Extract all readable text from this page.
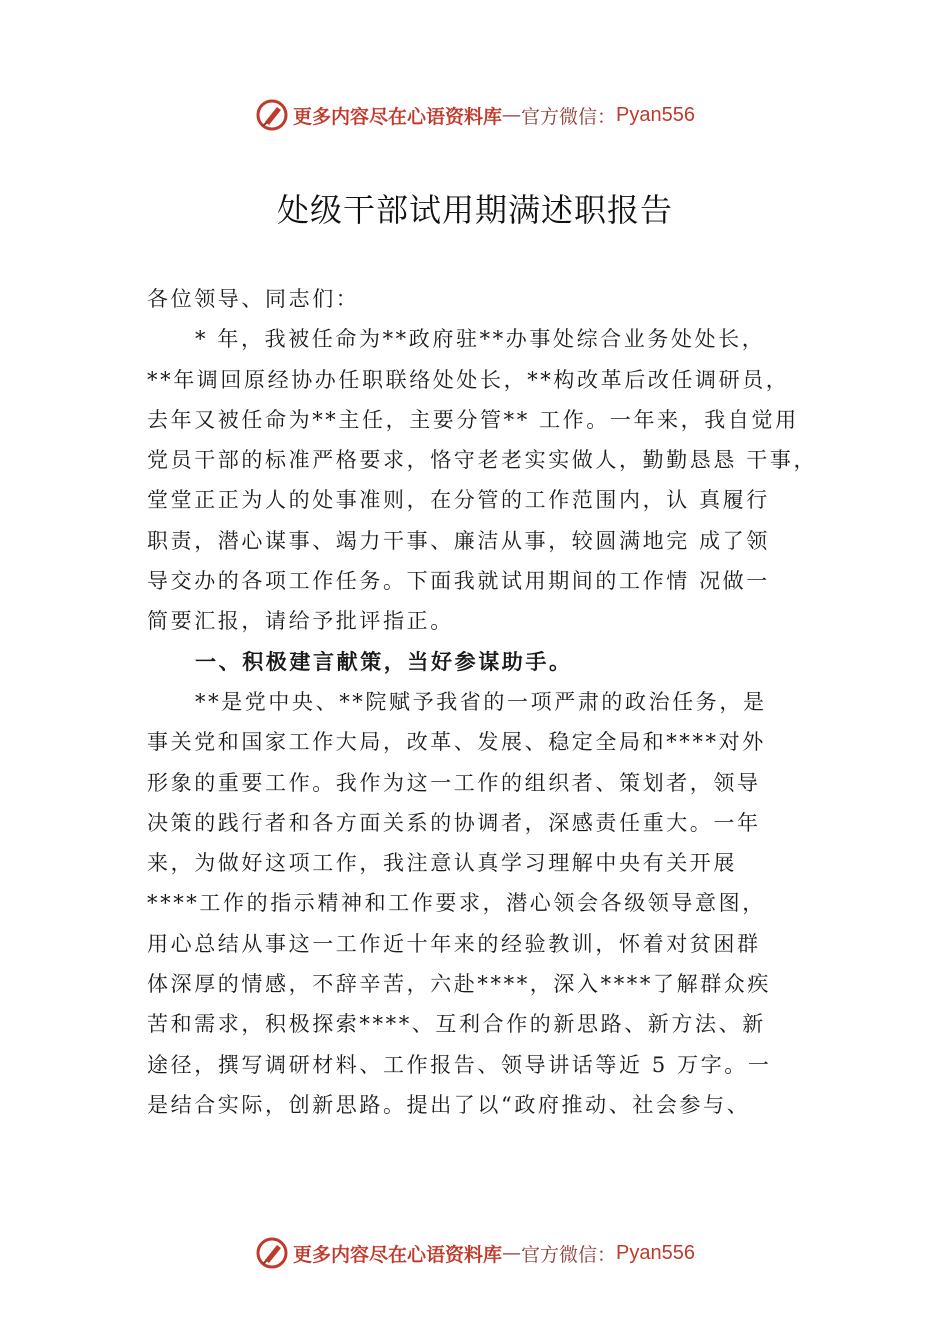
更多内容尽在心语资料库 — 官方微信： Pyan556
处级干部试用期满述职报告
各位领导、同志们：
* 年，我被任命为**政府驻**办事处综合业务处处长，
**年调回原经协办任职联络处处长，**构改革后改任调研员，
去年又被任命为**主任，主要分管** 工作。一年来，我自觉用
党员干部的标准严格要求，恪守老老实实做人，勤勤恳恳 干事，
堂堂正正为人的处事准则，在分管的工作范围内，认 真履行
职责，潜心谋事、竭力干事、廉洁从事，较圆满地完 成了领
导交办的各项工作任务。下面我就试用期间的工作情 况做一
简要汇报，请给予批评指正。
一、积极建言献策，当好参谋助手。
**是党中央、**院赋予我省的一项严肃的政治任务，是
事关党和国家工作大局，改革、发展、稳定全局和****对外
形象的重要工作。我作为这一工作的组织者、策划者，领导
决策的践行者和各方面关系的协调者，深感责任重大。一年
来，为做好这项工作，我注意认真学习理解中央有关开展
****工作的指示精神和工作要求，潜心领会各级领导意图，
用心总结从事这一工作近十年来的经验教训，怀着对贫困群
体深厚的情感，不辞辛苦，六赴****，深入****了解群众疾
苦和需求，积极探索****、互利合作的新思路、新方法、新
途径，撰写调研材料、工作报告、领导讲话等近 5 万字。一
是结合实际，创新思路。提出了以“政府推动、社会参与、
更多内容尽在心语资料库 — 官方微信： Pyan556
